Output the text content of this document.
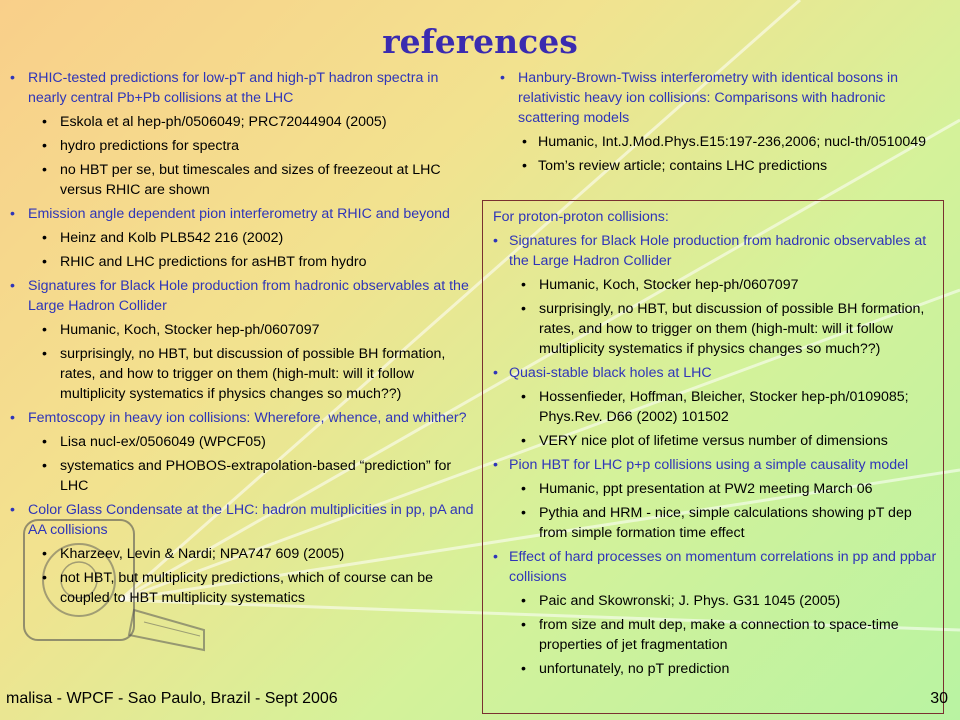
references
• RHIC-tested predictions for low-pT and high-pT hadron spectra in nearly central Pb+Pb collisions at the LHC
• Eskola et al hep-ph/0506049; PRC72044904 (2005)
• hydro predictions for spectra
• no HBT per se, but timescales and sizes of freezeout at LHC versus RHIC are shown
• Emission angle dependent pion interferometry at RHIC and beyond
• Heinz and Kolb PLB542 216 (2002)
• RHIC and LHC predictions for asHBT from hydro
• Signatures for Black Hole production from hadronic observables at the Large Hadron Collider
• Humanic, Koch, Stocker hep-ph/0607097
• surprisingly, no HBT, but discussion of possible BH formation, rates, and how to trigger on them (high-mult: will it follow multiplicity systematics if physics changes so much??)
• Femtoscopy in heavy ion collisions: Wherefore, whence, and whither?
• Lisa nucl-ex/0506049 (WPCF05)
• systematics and PHOBOS-extrapolation-based “prediction” for LHC
• Color Glass Condensate at the LHC: hadron multiplicities in pp, pA and AA collisions
• Kharzeev, Levin & Nardi; NPA747 609 (2005)
• not HBT, but multiplicity predictions, which of course can be coupled to HBT multiplicity systematics
• Hanbury-Brown-Twiss interferometry with identical bosons in relativistic heavy ion collisions: Comparisons with hadronic scattering models
• Humanic, Int.J.Mod.Phys.E15:197-236,2006; nucl-th/0510049
• Tom’s review article; contains LHC predictions
For proton-proton collisions:
• Signatures for Black Hole production from hadronic observables at the Large Hadron Collider
• Humanic, Koch, Stocker hep-ph/0607097
• surprisingly, no HBT, but discussion of possible BH formation, rates, and how to trigger on them (high-mult: will it follow multiplicity systematics if physics changes so much??)
• Quasi-stable black holes at LHC
• Hossenfieder, Hoffman, Bleicher, Stocker hep-ph/0109085; Phys.Rev. D66 (2002) 101502
• VERY nice plot of lifetime versus number of dimensions
• Pion HBT for LHC p+p collisions using a simple causality model
• Humanic, ppt presentation at PW2 meeting March 06
• Pythia and HRM - nice, simple calculations showing pT dep from simple formation time effect
• Effect of hard processes on momentum correlations in pp and ppbar collisions
• Paic and Skowronski; J. Phys. G31 1045 (2005)
• from size and mult dep, make a connection to space-time properties of jet fragmentation
• unfortunately, no pT prediction
malisa - WPCF - Sao Paulo, Brazil - Sept 2006	30
